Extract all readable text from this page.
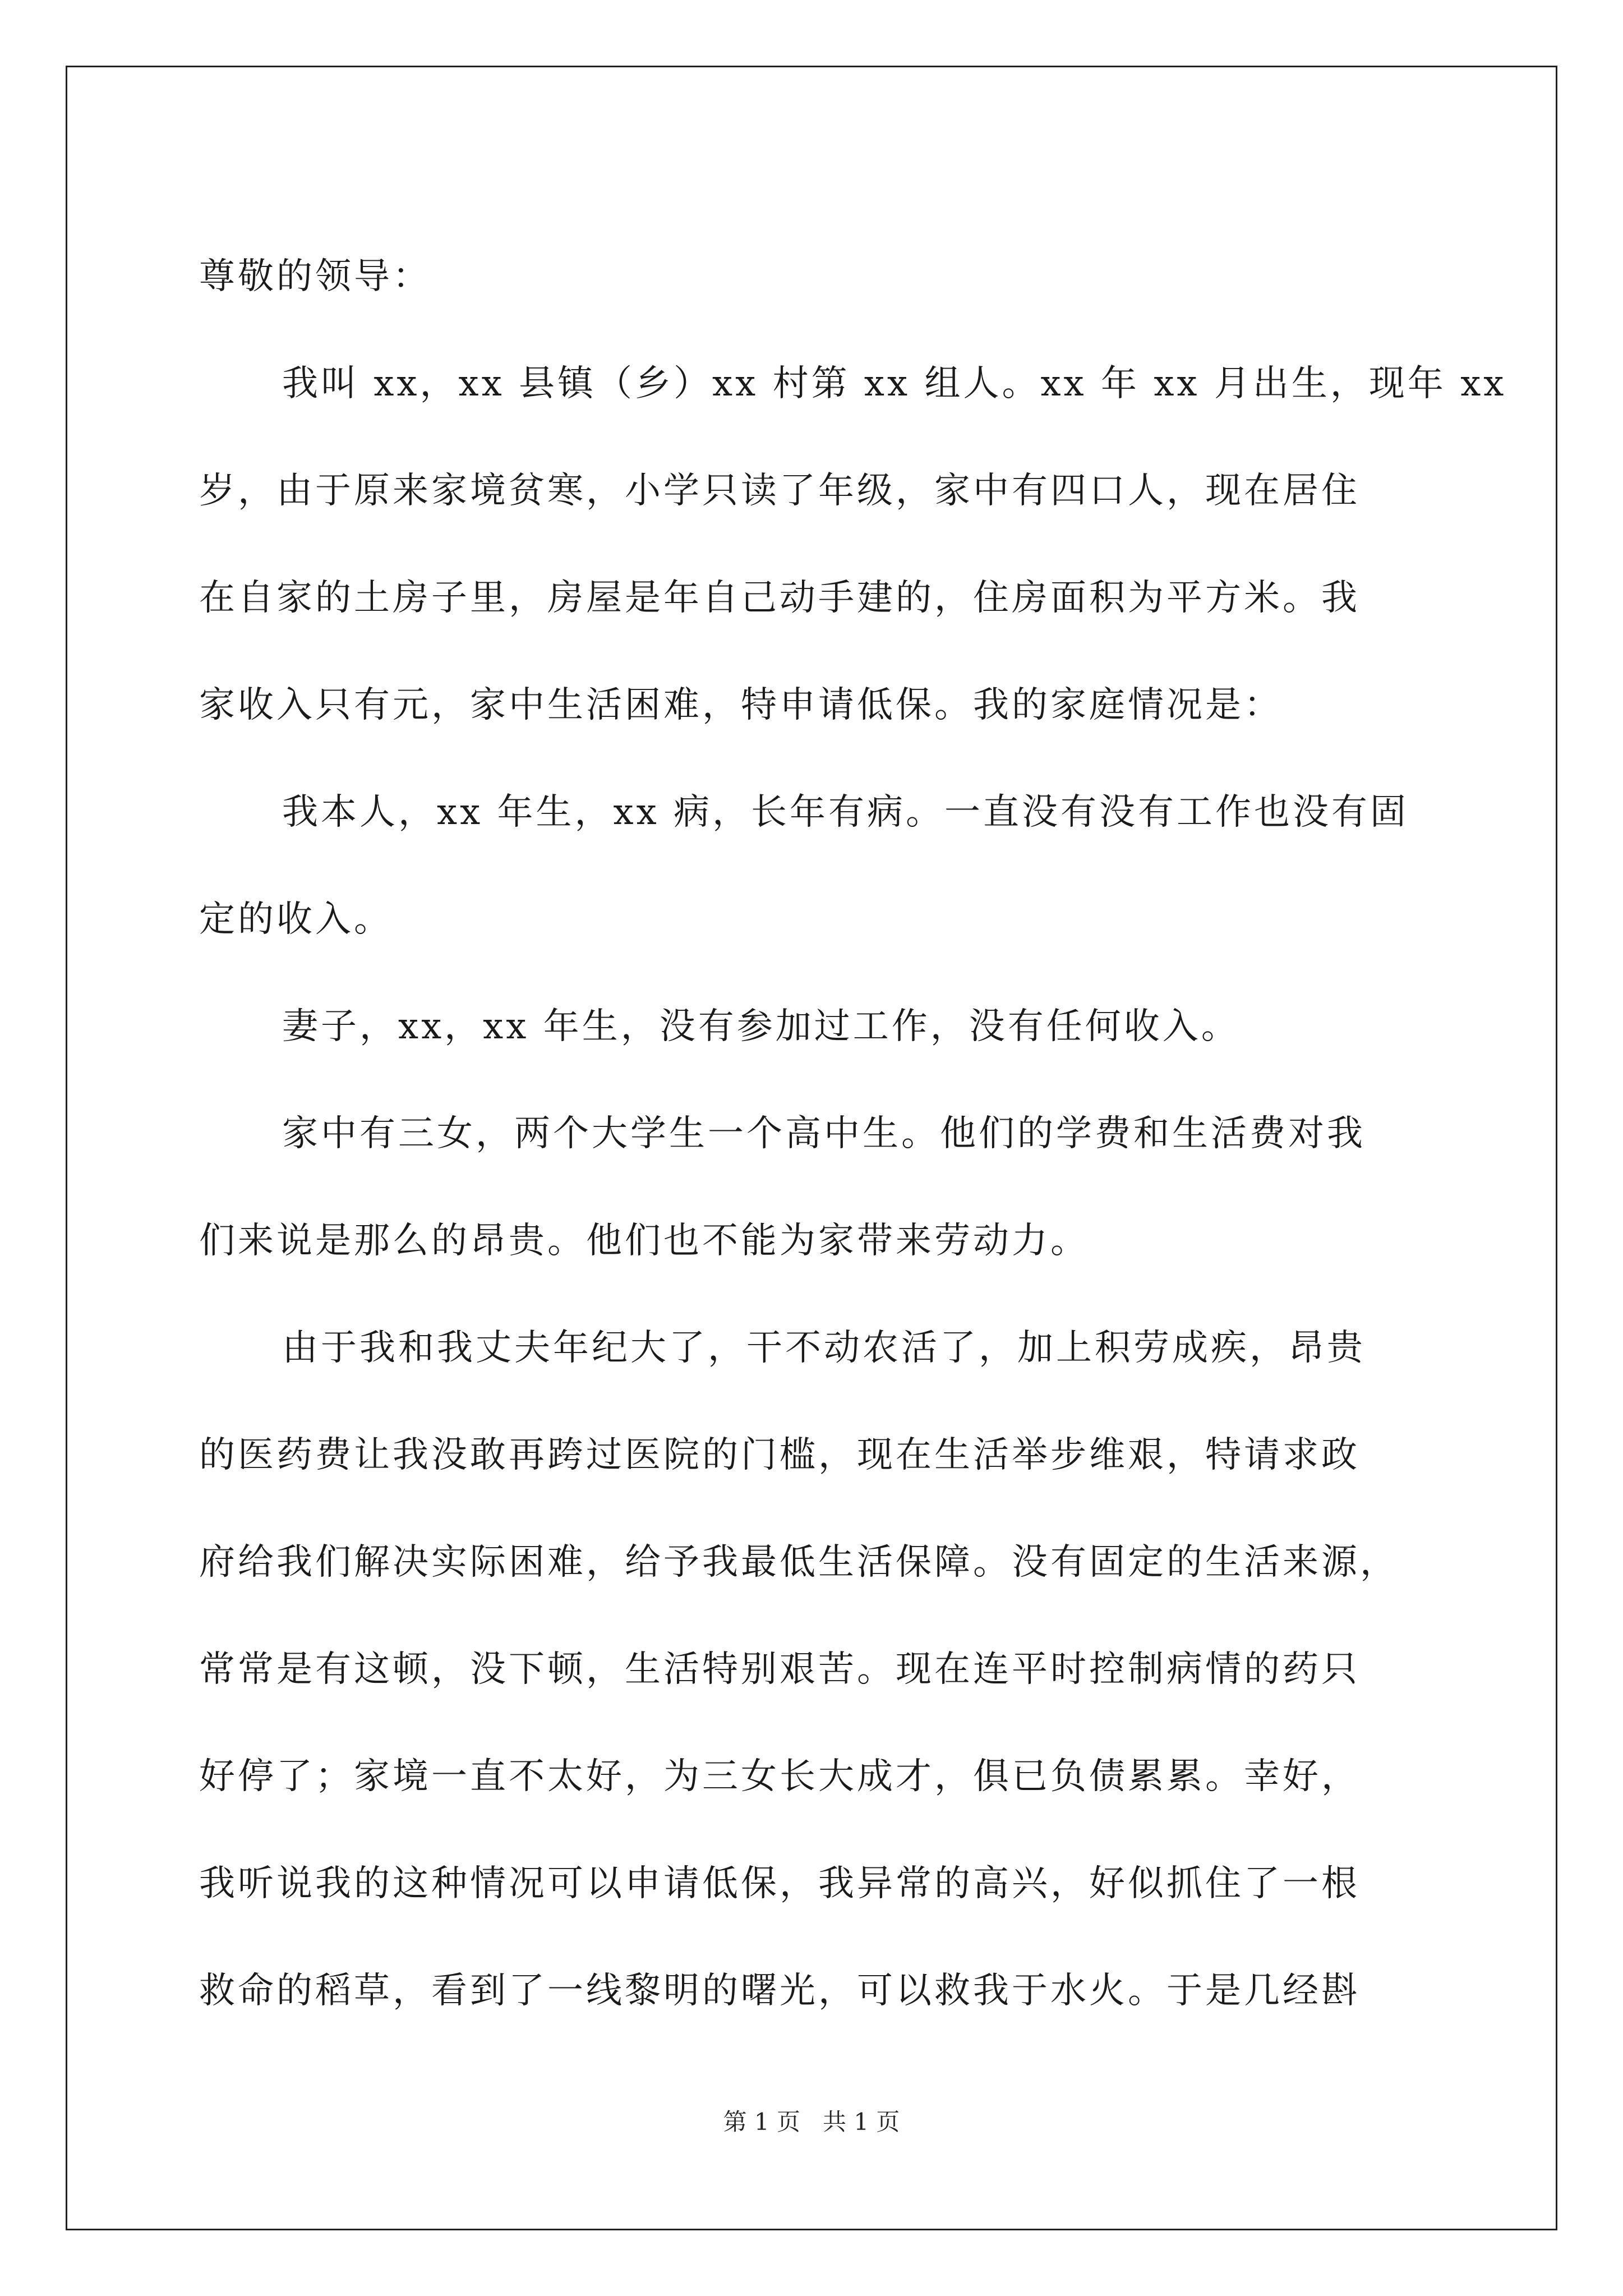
尊敬的领导：
我叫 xx，xx 县镇（乡）xx 村第 xx 组人。xx 年 xx 月出生，现年 xx
岁，由于原来家境贫寒，小学只读了年级，家中有四口人，现在居住
在自家的土房子里，房屋是年自己动手建的，住房面积为平方米。我
家收入只有元，家中生活困难，特申请低保。我的家庭情况是：
我本人，xx 年生，xx 病，长年有病。一直没有没有工作也没有固
定的收入。
妻子，xx，xx 年生，没有参加过工作，没有任何收入。
家中有三女，两个大学生一个高中生。他们的学费和生活费对我
们来说是那么的昂贵。他们也不能为家带来劳动力。
由于我和我丈夫年纪大了，干不动农活了，加上积劳成疾，昂贵
的医药费让我没敢再跨过医院的门槛，现在生活举步维艰，特请求政
府给我们解决实际困难，给予我最低生活保障。没有固定的生活来源，
常常是有这顿，没下顿，生活特别艰苦。现在连平时控制病情的药只
好停了；家境一直不太好，为三女长大成才，俱已负债累累。幸好，
我听说我的这种情况可以申请低保，我异常的高兴，好似抓住了一根
救命的稻草，看到了一线黎明的曙光，可以救我于水火。于是几经斟
第 1 页 共 1 页
